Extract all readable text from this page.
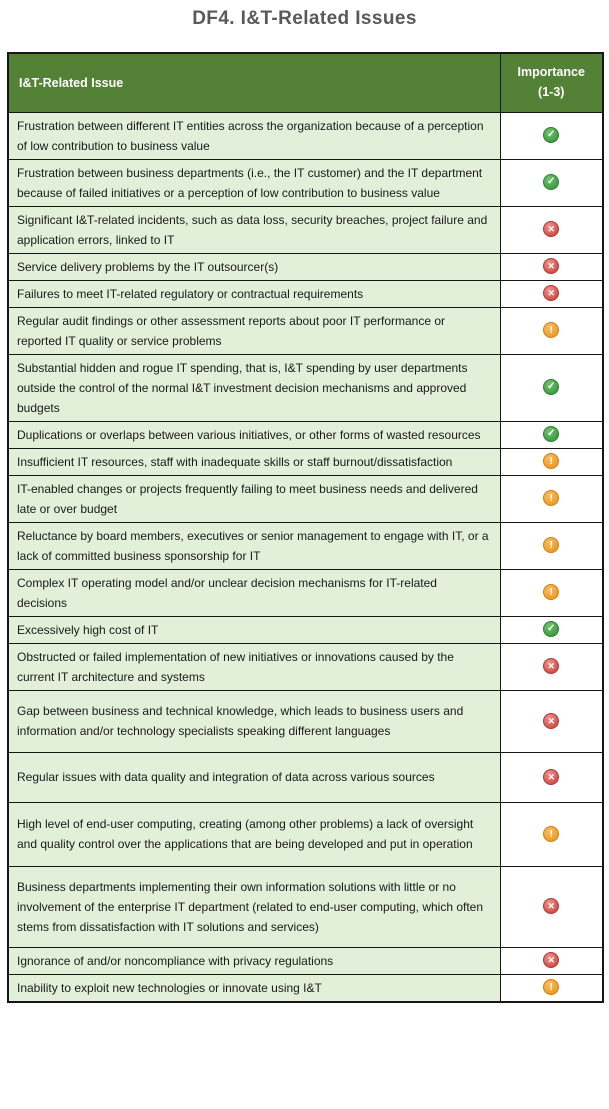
DF4. I&T-Related Issues
I&T-Related Issue	Importance (1-3)
Frustration between different IT entities across the organization because of a perception of low contribution to business value	✓
Frustration between business departments (i.e., the IT customer) and the IT department because of failed initiatives or a perception of low contribution to business value	✓
Significant I&T-related incidents, such as data loss, security breaches, project failure and application errors, linked to IT	✕
Service delivery problems by the IT outsourcer(s)	✕
Failures to meet IT-related regulatory or contractual requirements	✕
Regular audit findings or other assessment reports about poor IT performance or reported IT quality or service problems	!
Substantial hidden and rogue IT spending, that is, I&T spending by user departments outside the control of the normal I&T investment decision mechanisms and approved budgets	✓
Duplications or overlaps between various initiatives, or other forms of wasted resources	✓
Insufficient IT resources, staff with inadequate skills or staff burnout/dissatisfaction	!
IT-enabled changes or projects frequently failing to meet business needs and delivered late or over budget	!
Reluctance by board members, executives or senior management to engage with IT, or a lack of committed business sponsorship for IT	!
Complex IT operating model and/or unclear decision mechanisms for IT-related decisions	!
Excessively high cost of IT	✓
Obstructed or failed implementation of new initiatives or innovations caused by the current IT architecture and systems	✕
Gap between business and technical knowledge, which leads to business users and information and/or technology specialists speaking different languages	✕
Regular issues with data quality and integration of data across various sources	✕
High level of end-user computing, creating (among other problems) a lack of oversight and quality control over the applications that are being developed and put in operation	!
Business departments implementing their own information solutions with little or no involvement of the enterprise IT department (related to end-user computing, which often stems from dissatisfaction with IT solutions and services)	✕
Ignorance of and/or noncompliance with privacy regulations	✕
Inability to exploit new technologies or innovate using I&T	!
